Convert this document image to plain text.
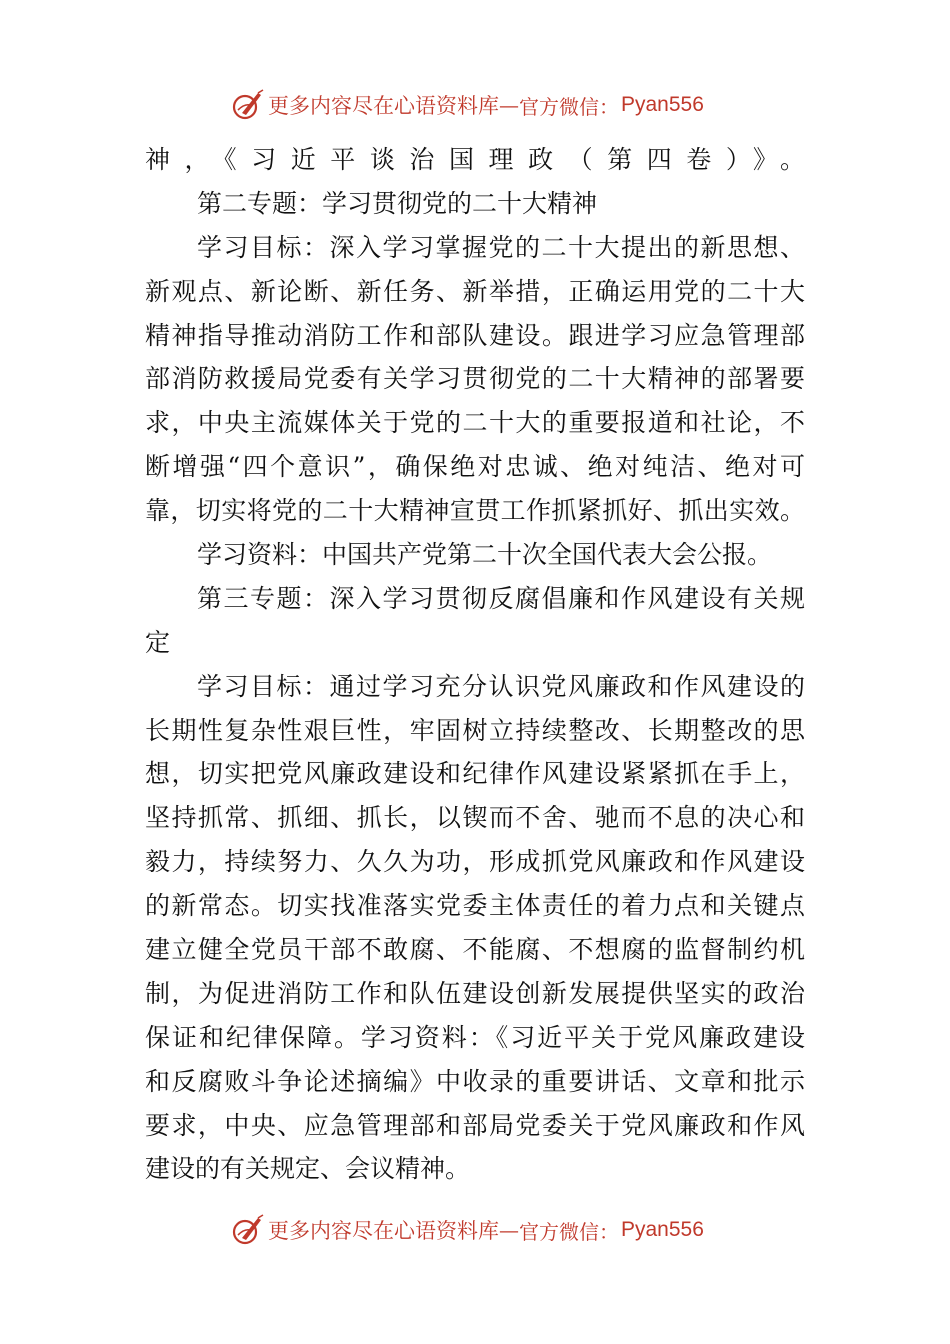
更多内容尽在心语资料库 — 官方微信： Pyan556
神，《习近平谈治国理政（第四卷）》。
第二专题：学习贯彻党的二十大精神
学习目标：深入学习掌握党的二十大提出的新思想、
新观点、新论断、新任务、新举措，正确运用党的二十大
精神指导推动消防工作和部队建设。跟进学习应急管理部
部消防救援局党委有关学习贯彻党的二十大精神的部署要
求，中央主流媒体关于党的二十大的重要报道和社论，不
断增强“四个意识”，确保绝对忠诚、绝对纯洁、绝对可
靠，切实将党的二十大精神宣贯工作抓紧抓好、抓出实效。
学习资料：中国共产党第二十次全国代表大会公报。
第三专题：深入学习贯彻反腐倡廉和作风建设有关规
定
学习目标：通过学习充分认识党风廉政和作风建设的
长期性复杂性艰巨性，牢固树立持续整改、长期整改的思
想，切实把党风廉政建设和纪律作风建设紧紧抓在手上，
坚持抓常、抓细、抓长，以锲而不舍、驰而不息的决心和
毅力，持续努力、久久为功，形成抓党风廉政和作风建设
的新常态。切实找准落实党委主体责任的着力点和关键点
建立健全党员干部不敢腐、不能腐、不想腐的监督制约机
制，为促进消防工作和队伍建设创新发展提供坚实的政治
保证和纪律保障。学习资料：《习近平关于党风廉政建设
和反腐败斗争论述摘编》中收录的重要讲话、文章和批示
要求，中央、应急管理部和部局党委关于党风廉政和作风
建设的有关规定、会议精神。
更多内容尽在心语资料库 — 官方微信： Pyan556
